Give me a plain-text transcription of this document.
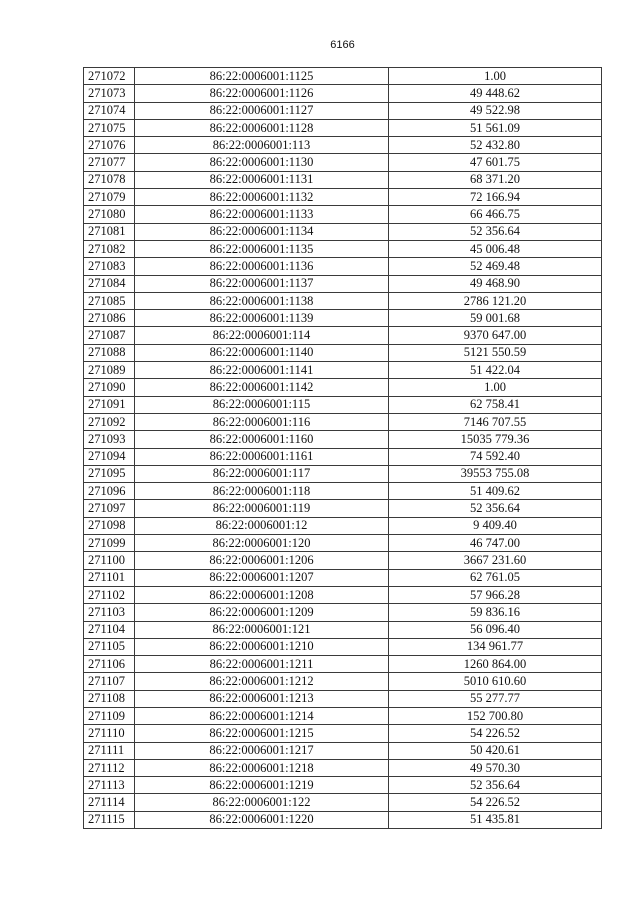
6166
271072	86:22:0006001:1125	1.00
271073	86:22:0006001:1126	49 448.62
271074	86:22:0006001:1127	49 522.98
271075	86:22:0006001:1128	51 561.09
271076	86:22:0006001:113	52 432.80
271077	86:22:0006001:1130	47 601.75
271078	86:22:0006001:1131	68 371.20
271079	86:22:0006001:1132	72 166.94
271080	86:22:0006001:1133	66 466.75
271081	86:22:0006001:1134	52 356.64
271082	86:22:0006001:1135	45 006.48
271083	86:22:0006001:1136	52 469.48
271084	86:22:0006001:1137	49 468.90
271085	86:22:0006001:1138	2786 121.20
271086	86:22:0006001:1139	59 001.68
271087	86:22:0006001:114	9370 647.00
271088	86:22:0006001:1140	5121 550.59
271089	86:22:0006001:1141	51 422.04
271090	86:22:0006001:1142	1.00
271091	86:22:0006001:115	62 758.41
271092	86:22:0006001:116	7146 707.55
271093	86:22:0006001:1160	15035 779.36
271094	86:22:0006001:1161	74 592.40
271095	86:22:0006001:117	39553 755.08
271096	86:22:0006001:118	51 409.62
271097	86:22:0006001:119	52 356.64
271098	86:22:0006001:12	9 409.40
271099	86:22:0006001:120	46 747.00
271100	86:22:0006001:1206	3667 231.60
271101	86:22:0006001:1207	62 761.05
271102	86:22:0006001:1208	57 966.28
271103	86:22:0006001:1209	59 836.16
271104	86:22:0006001:121	56 096.40
271105	86:22:0006001:1210	134 961.77
271106	86:22:0006001:1211	1260 864.00
271107	86:22:0006001:1212	5010 610.60
271108	86:22:0006001:1213	55 277.77
271109	86:22:0006001:1214	152 700.80
271110	86:22:0006001:1215	54 226.52
271111	86:22:0006001:1217	50 420.61
271112	86:22:0006001:1218	49 570.30
271113	86:22:0006001:1219	52 356.64
271114	86:22:0006001:122	54 226.52
271115	86:22:0006001:1220	51 435.81
